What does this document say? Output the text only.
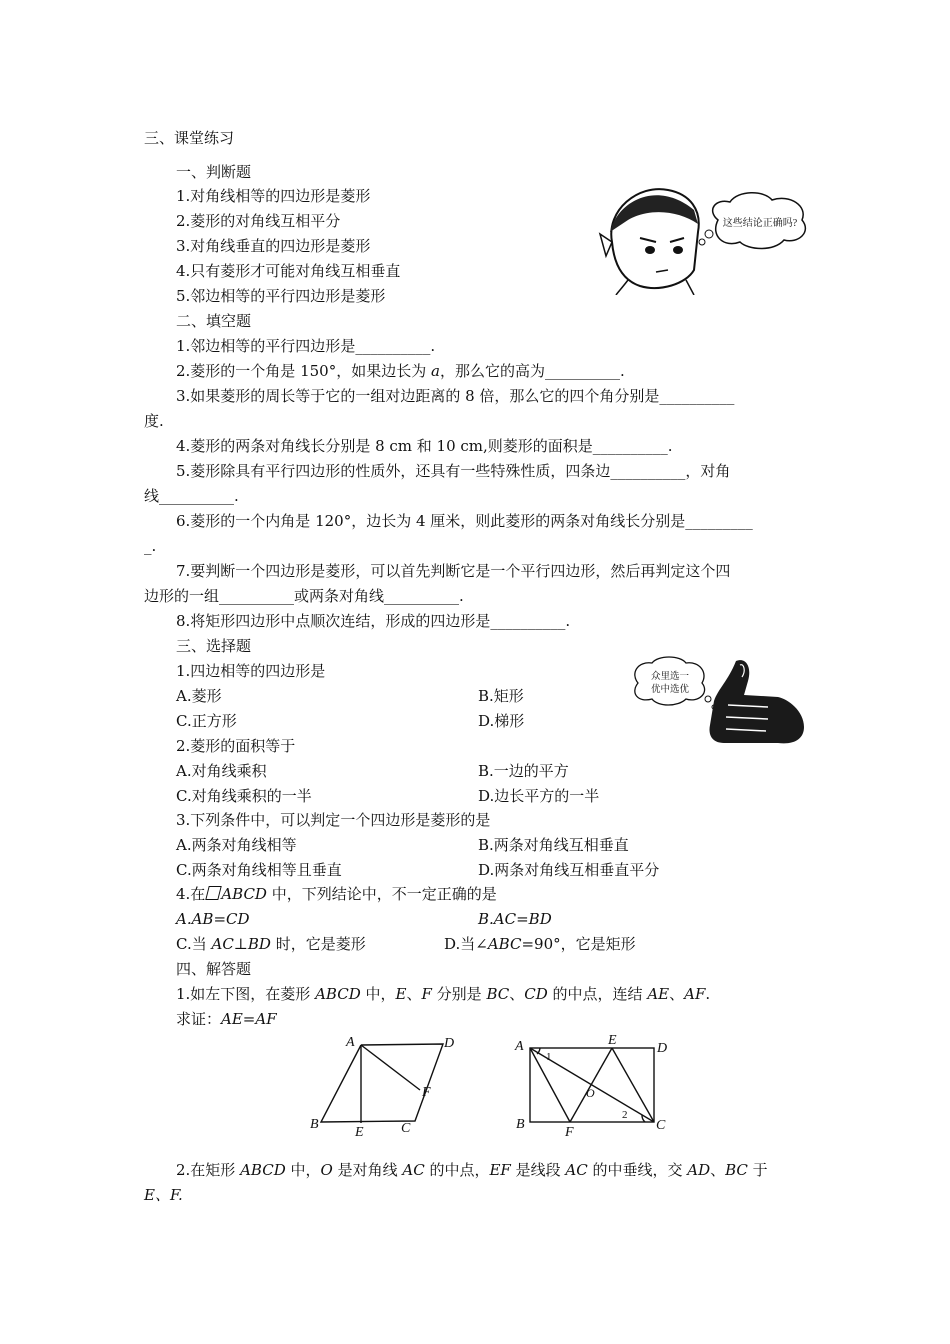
三、课堂练习
一、判断题
1.对角线相等的四边形是菱形
2.菱形的对角线互相平分
3.对角线垂直的四边形是菱形
4.只有菱形才可能对角线互相垂直
5.邻边相等的平行四边形是菱形
这些结论正确吗?
二、填空题
1.邻边相等的平行四边形是__________.
2.菱形的一个角是 150°，如果边长为 a，那么它的高为__________.
3.如果菱形的周长等于它的一组对边距离的 8 倍，那么它的四个角分别是__________
度.
4.菱形的两条对角线长分别是 8 cm 和 10 cm,则菱形的面积是__________.
5.菱形除具有平行四边形的性质外，还具有一些特殊性质，四条边__________，对角
线__________.
6.菱形的一个内角是 120°，边长为 4 厘米，则此菱形的两条对角线长分别是_________
_.
7.要判断一个四边形是菱形，可以首先判断它是一个平行四边形，然后再判定这个四
边形的一组__________或两条对角线__________.
8.将矩形四边形中点顺次连结，形成的四边形是__________.
三、选择题
1.四边相等的四边形是
A.菱形	B.矩形
C.正方形	D.梯形
众里选一
优中选优
2.菱形的面积等于
A.对角线乘积	B.一边的平方
C.对角线乘积的一半	D.边长平方的一半
3.下列条件中，可以判定一个四边形是菱形的是
A.两条对角线相等	B.两条对角线互相垂直
C.两条对角线相等且垂直	D.两条对角线互相垂直平分
4.在 ABCD 中，下列结论中，不一定正确的是
A.AB=CD	B.AC=BD
C.当 AC⊥BD 时，它是菱形	D.当∠ABC=90°，它是矩形
四、解答题
1.如左下图，在菱形 ABCD 中，E、F 分别是 BC、CD 的中点，连结 AE、AF.
求证：AE=AF
A	D
F
B
E	C
A	E
D
1
O
2
B
F	C
2.在矩形 ABCD 中，O 是对角线 AC 的中点，EF 是线段 AC 的中垂线，交 AD、BC 于
E、F.
